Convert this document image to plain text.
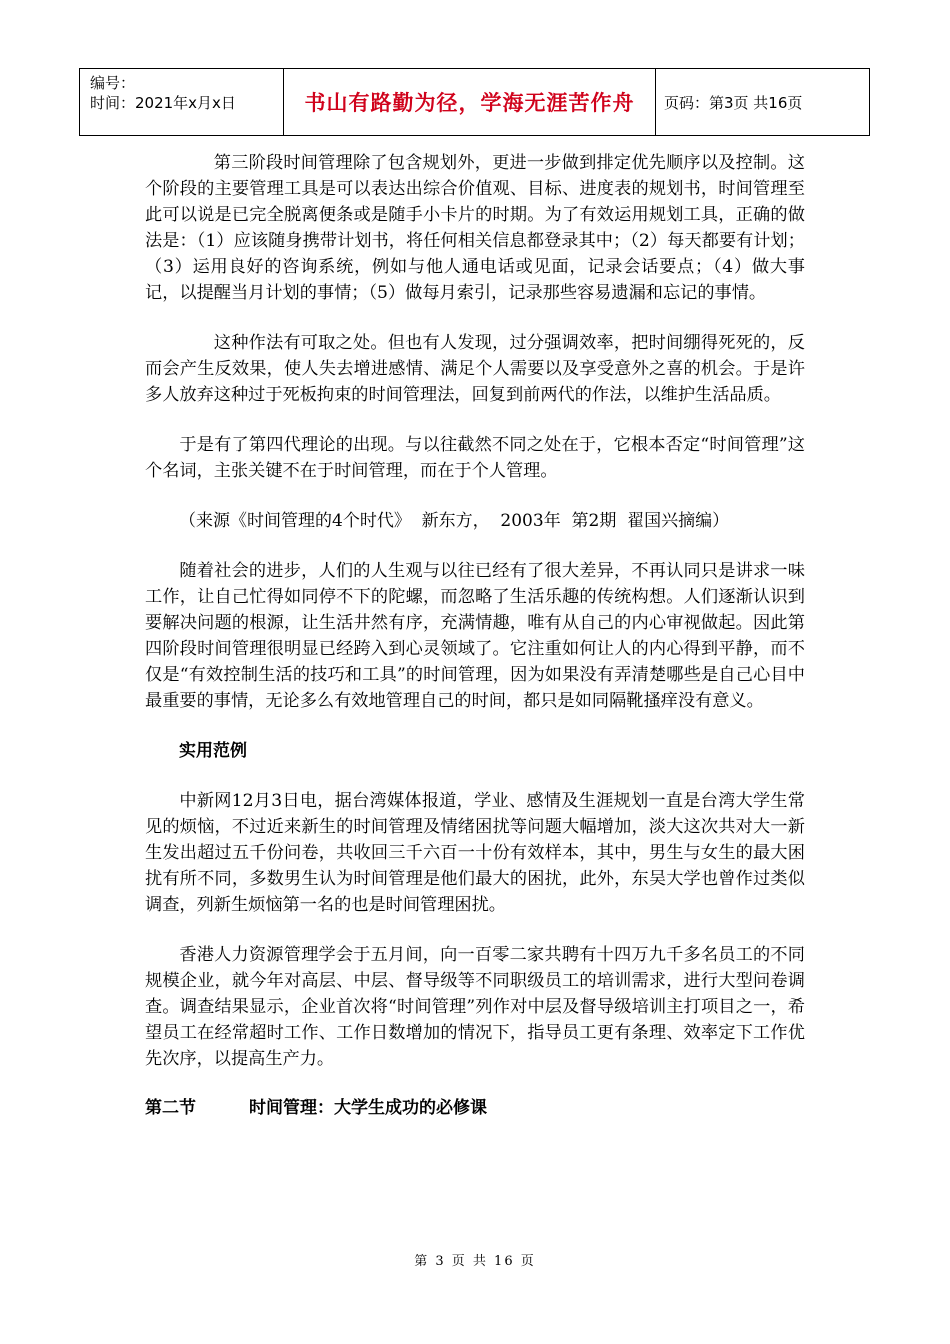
编号：
时间：2021年x月x日	书山有路勤为径，学海无涯苦作舟	页码：第3页 共16页

第三阶段时间管理除了包含规划外，更进一步做到排定优先顺序以及控制。这个阶段的主要管理工具是可以表达出综合价值观、目标、进度表的规划书，时间管理至此可以说是已完全脱离便条或是随手小卡片的时期。为了有效运用规划工具，正确的做法是：（1）应该随身携带计划书，将任何相关信息都登录其中；（2）每天都要有计划；（3）运用良好的咨询系统，例如与他人通电话或见面，记录会话要点；（4）做大事记，以提醒当月计划的事情；（5）做每月索引，记录那些容易遗漏和忘记的事情。

这种作法有可取之处。但也有人发现，过分强调效率，把时间绷得死死的，反而会产生反效果，使人失去增进感情、满足个人需要以及享受意外之喜的机会。于是许多人放弃这种过于死板拘束的时间管理法，回复到前两代的作法，以维护生活品质。

于是有了第四代理论的出现。与以往截然不同之处在于，它根本否定“时间管理”这个名词，主张关键不在于时间管理，而在于个人管理。

（来源《时间管理的4个时代》  新东方，  2003年  第2期  翟国兴摘编）

随着社会的进步，人们的人生观与以往已经有了很大差异，不再认同只是讲求一味工作，让自己忙得如同停不下的陀螺，而忽略了生活乐趣的传统构想。人们逐渐认识到要解决问题的根源，让生活井然有序，充满情趣，唯有从自己的内心审视做起。因此第四阶段时间管理很明显已经跨入到心灵领域了。它注重如何让人的内心得到平静，而不仅是“有效控制生活的技巧和工具”的时间管理，因为如果没有弄清楚哪些是自己心目中最重要的事情，无论多么有效地管理自己的时间，都只是如同隔靴搔痒没有意义。

实用范例

中新网12月3日电，据台湾媒体报道，学业、感情及生涯规划一直是台湾大学生常见的烦恼，不过近来新生的时间管理及情绪困扰等问题大幅增加，淡大这次共对大一新生发出超过五千份问卷，共收回三千六百一十份有效样本，其中，男生与女生的最大困扰有所不同，多数男生认为时间管理是他们最大的困扰，此外，东吴大学也曾作过类似调查，列新生烦恼第一名的也是时间管理困扰。

香港人力资源管理学会于五月间，向一百零二家共聘有十四万九千多名员工的不同规模企业，就今年对高层、中层、督导级等不同职级员工的培训需求，进行大型问卷调查。调查结果显示，企业首次将“时间管理”列作对中层及督导级培训主打项目之一，希望员工在经常超时工作、工作日数增加的情况下，指导员工更有条理、效率定下工作优先次序，以提高生产力。

第二节	时间管理：大学生成功的必修课
第 3 页 共 16 页
